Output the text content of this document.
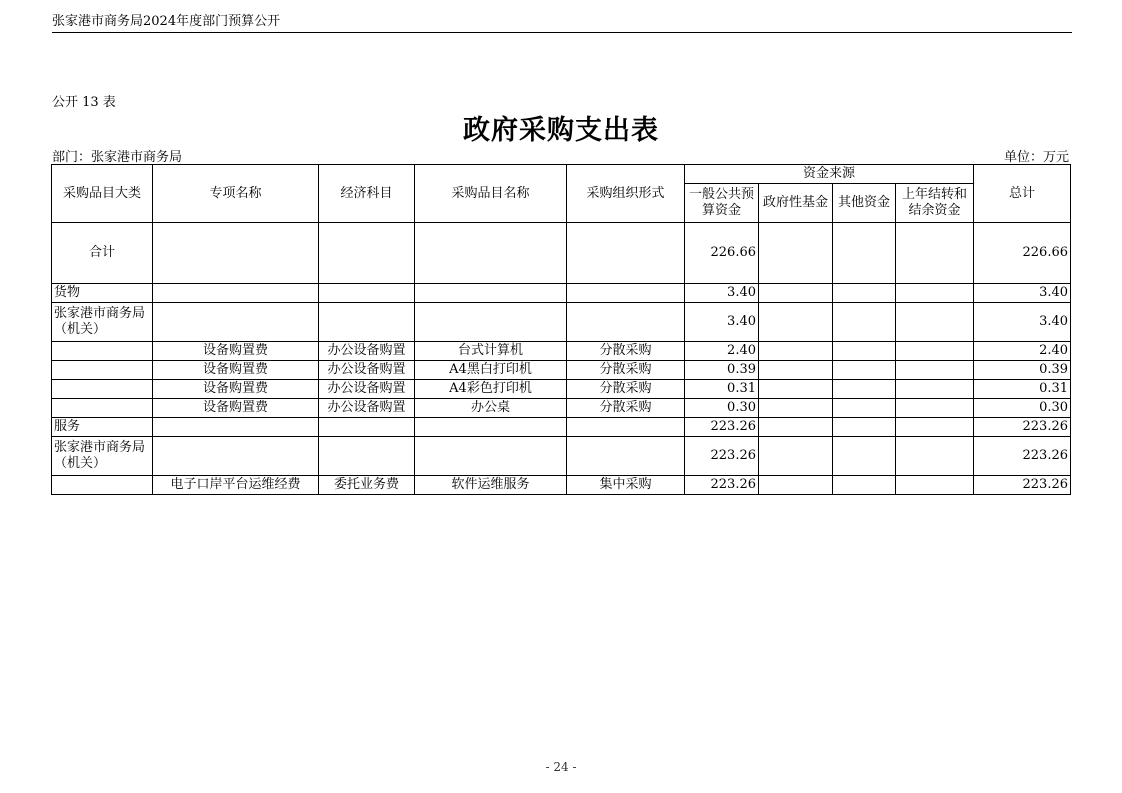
张家港市商务局2024年度部门预算公开
公开 13 表
政府采购支出表
部门：张家港市商务局	单位：万元
采购品目大类	专项名称	经济科目	采购品目名称	采购组织形式	资金来源				总计
					一般公共预算资金	政府性基金	其他资金	上年结转和结余资金	
合计					226.66				226.66
货物					3.40				3.40
张家港市商务局（机关）					3.40				3.40
	设备购置费	办公设备购置	台式计算机	分散采购	2.40				2.40
	设备购置费	办公设备购置	A4黑白打印机	分散采购	0.39				0.39
	设备购置费	办公设备购置	A4彩色打印机	分散采购	0.31				0.31
	设备购置费	办公设备购置	办公桌	分散采购	0.30				0.30
服务					223.26				223.26
张家港市商务局（机关）					223.26				223.26
	电子口岸平台运维经费	委托业务费	软件运维服务	集中采购	223.26				223.26
- 24 -
